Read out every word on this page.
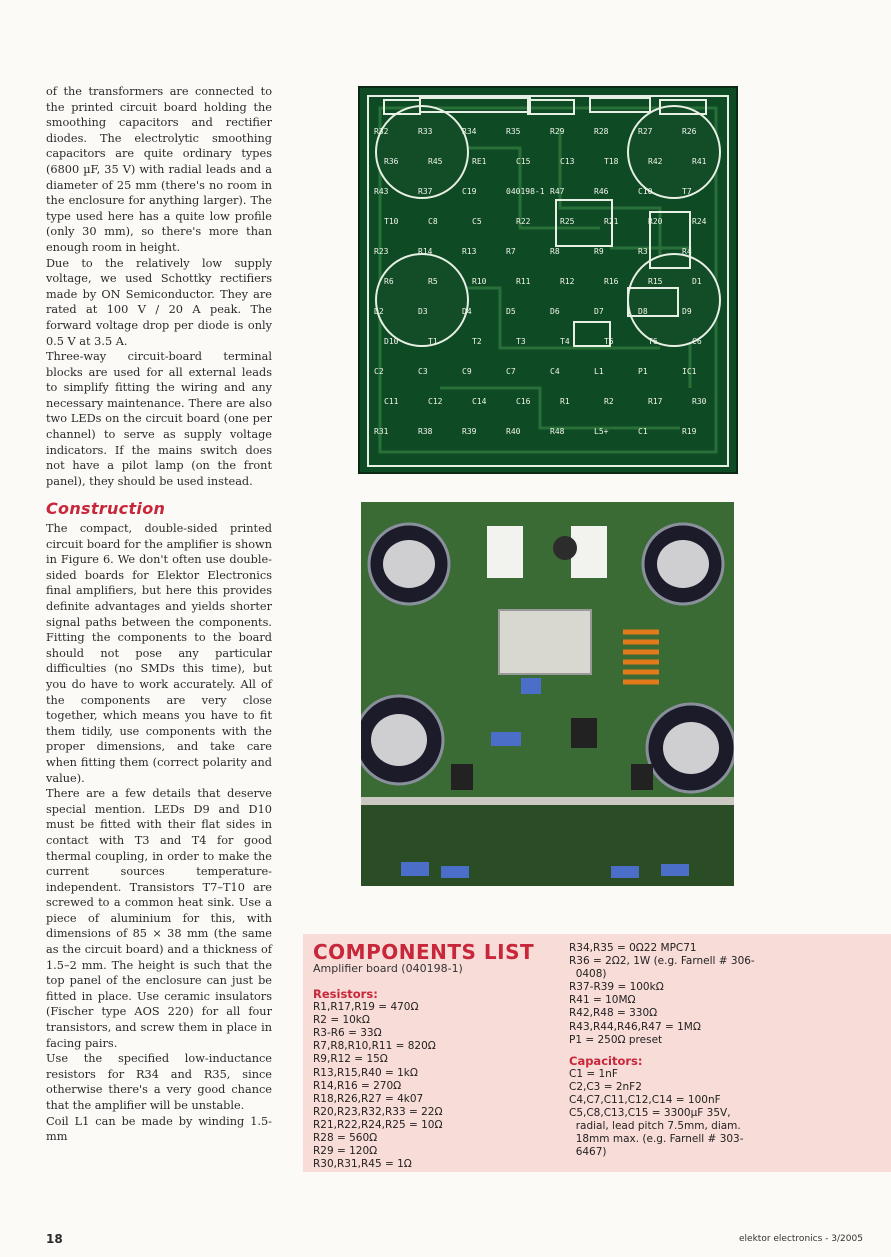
of the transformers are connected to the printed circuit board holding the smoothing capacitors and rectifier diodes. The electrolytic smoothing capacitors are quite ordinary types (6800 µF, 35 V) with radial leads and a diameter of 25 mm (there's no room in the enclosure for anything larger). The type used here has a quite low profile (only 30 mm), so there's more than enough room in height.

Due to the relatively low supply voltage, we used Schottky rectifiers made by ON Semiconductor. They are rated at 100 V / 20 A peak. The forward voltage drop per diode is only 0.5 V at 3.5 A.

Three-way circuit-board terminal blocks are used for all external leads to simplify fitting the wiring and any necessary maintenance. There are also two LEDs on the circuit board (one per channel) to serve as supply voltage indicators. If the mains switch does not have a pilot lamp (on the front panel), they should be used instead.

Construction

The compact, double-sided printed circuit board for the amplifier is shown in Figure 6. We don't often use double-sided boards for Elektor Electronics final amplifiers, but here this provides definite advantages and yields shorter signal paths between the components. Fitting the components to the board should not pose any particular difficulties (no SMDs this time), but you do have to work accurately. All of the components are very close together, which means you have to fit them tidily, use components with the proper dimensions, and take care when fitting them (correct polarity and value).

There are a few details that deserve special mention. LEDs D9 and D10 must be fitted with their flat sides in contact with T3 and T4 for good thermal coupling, in order to make the current sources temperature-independent. Transistors T7–T10 are screwed to a common heat sink. Use a piece of aluminium for this, with dimensions of 85 × 38 mm (the same as the circuit board) and a thickness of 1.5–2 mm. The height is such that the top panel of the enclosure can just be fitted in place. Use ceramic insulators (Fischer type AOS 220) for all four transistors, and screw them in place in facing pairs.

Use the specified low-inductance resistors for R34 and R35, since otherwise there's a very good chance that the amplifier will be unstable.

Coil L1 can be made by winding 1.5-mm

R32	R33	R34	R35	R29	R28	R27	R26
R36	R45	RE1	C15	C13	T18	R42	R41
R43	R37	C19	040198-1 R47	R46	C10	T7
T10	C8	C5	R22	R25	R21	R20	R24
R23	R14	R13	R7	R8	R9	R3	R4
R6	R5	R10	R11	R12	R16	R15	D1
D2	D3	D4	D5	D6	D7	D8	D9
D10	T1	T2	T3	T4	T5	T6	C6
C2	C3	C9	C7	C4	L1	P1	IC1
C11	C12	C14	C16	R1	R2	R17	R30
R31	R38	R39	R40	R48	L5+	C1	R19
COMPONENTS LIST
Amplifier board (040198-1)
Resistors:
R1,R17,R19 = 470Ω
R2 = 10kΩ
R3-R6 = 33Ω
R7,R8,R10,R11 = 820Ω
R9,R12 = 15Ω
R13,R15,R40 = 1kΩ
R14,R16 = 270Ω
R18,R26,R27 = 4k07
R20,R23,R32,R33 = 22Ω
R21,R22,R24,R25 = 10Ω
R28 = 560Ω
R29 = 120Ω
R30,R31,R45 = 1Ω
R34,R35 = 0Ω22 MPC71
R36 = 2Ω2, 1W (e.g. Farnell # 306-
0408)
R37-R39 = 100kΩ
R41 = 10MΩ
R42,R48 = 330Ω
R43,R44,R46,R47 = 1MΩ
P1 = 250Ω preset
Capacitors:
C1 = 1nF
C2,C3 = 2nF2
C4,C7,C11,C12,C14 = 100nF
C5,C8,C13,C15 = 3300µF 35V,
radial, lead pitch 7.5mm, diam.
18mm max. (e.g. Farnell # 303-
6467)
18	elektor electronics - 3/2005
